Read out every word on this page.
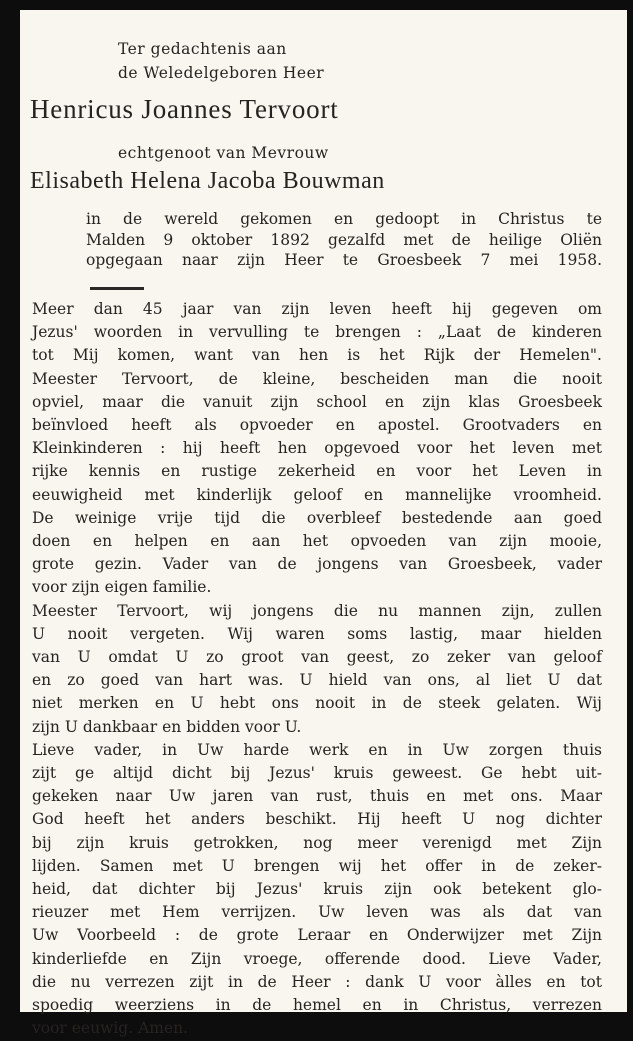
Ter gedachtenis aan
de Weledelgeboren Heer
Henricus Joannes Tervoort
echtgenoot van Mevrouw
Elisabeth Helena Jacoba Bouwman
in de wereld gekomen en gedoopt in Christus te
Malden 9 oktober 1892 gezalfd met de heilige Oliën
opgegaan naar zijn Heer te Groesbeek 7 mei 1958.
Meer dan 45 jaar van zijn leven heeft hij gegeven om
Jezus' woorden in vervulling te brengen : „Laat de kinderen
tot Mij komen, want van hen is het Rijk der Hemelen".
Meester Tervoort, de kleine, bescheiden man die nooit
opviel, maar die vanuit zijn school en zijn klas Groesbeek
beïnvloed heeft als opvoeder en apostel. Grootvaders en
Kleinkinderen : hij heeft hen opgevoed voor het leven met
rijke kennis en rustige zekerheid en voor het Leven in
eeuwigheid met kinderlijk geloof en mannelijke vroomheid.
De weinige vrije tijd die overbleef bestedende aan goed
doen en helpen en aan het opvoeden van zijn mooie,
grote gezin. Vader van de jongens van Groesbeek, vader
voor zijn eigen familie.
Meester Tervoort, wij jongens die nu mannen zijn, zullen
U nooit vergeten. Wij waren soms lastig, maar hielden
van U omdat U zo groot van geest, zo zeker van geloof
en zo goed van hart was. U hield van ons, al liet U dat
niet merken en U hebt ons nooit in de steek gelaten. Wij
zijn U dankbaar en bidden voor U.
Lieve vader, in Uw harde werk en in Uw zorgen thuis
zijt ge altijd dicht bij Jezus' kruis geweest. Ge hebt uit-
gekeken naar Uw jaren van rust, thuis en met ons. Maar
God heeft het anders beschikt. Hij heeft U nog dichter
bij zijn kruis getrokken, nog meer verenigd met Zijn
lijden. Samen met U brengen wij het offer in de zeker-
heid, dat dichter bij Jezus' kruis zijn ook betekent glo-
rieuzer met Hem verrijzen. Uw leven was als dat van
Uw Voorbeeld : de grote Leraar en Onderwijzer met Zijn
kinderliefde en Zijn vroege, offerende dood. Lieve Vader,
die nu verrezen zijt in de Heer : dank U voor àlles en tot
spoedig weerziens in de hemel en in Christus, verrezen
voor eeuwig. Amen.
